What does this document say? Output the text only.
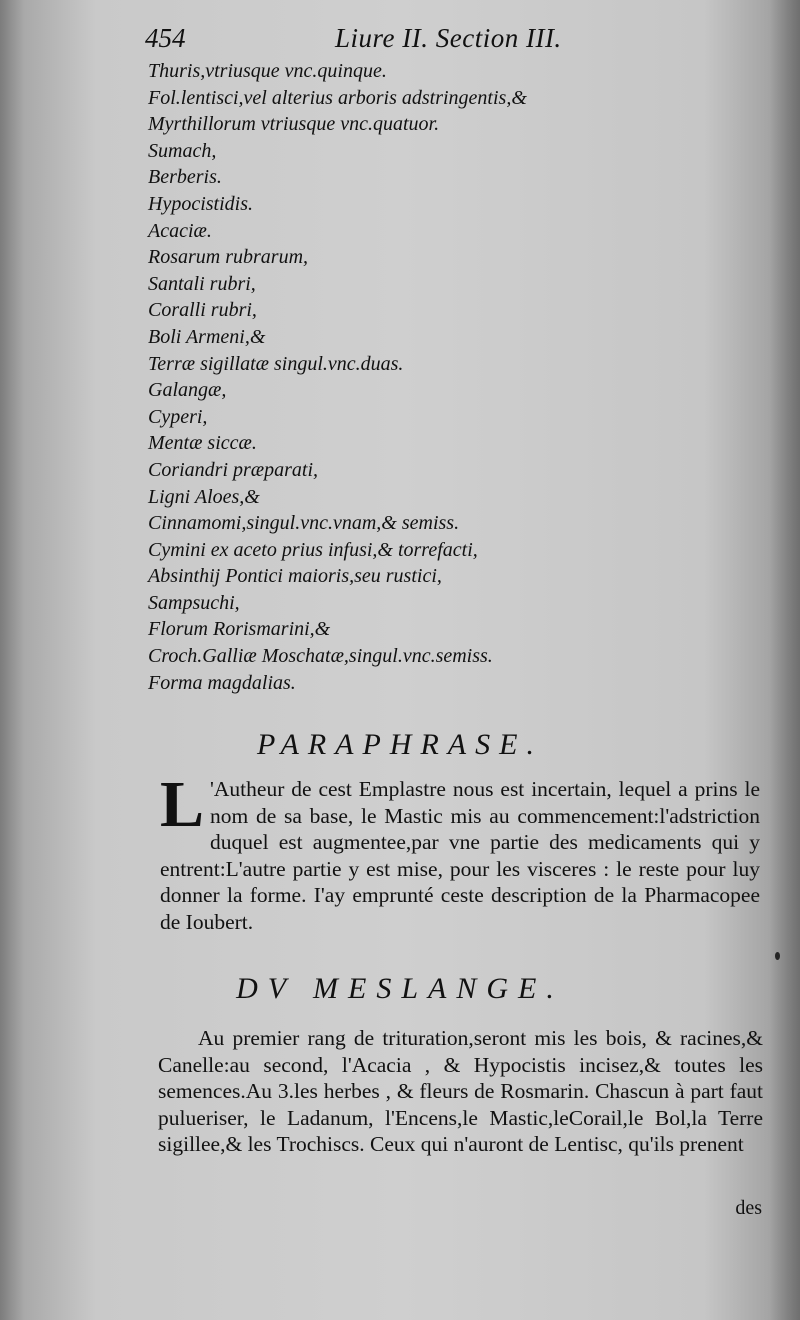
454	Liure II. Section III.
Thuris,vtriusque vnc.quinque.
Fol.lentisci,vel alterius arboris adstringentis,&
Myrthillorum vtriusque vnc.quatuor.
Sumach,
Berberis.
Hypocistidis.
Acaciæ.
Rosarum rubrarum,
Santali rubri,
Coralli rubri,
Boli Armeni,&
Terræ sigillatæ singul.vnc.duas.
Galangæ,
Cyperi,
Mentæ siccæ.
Coriandri præparati,
Ligni Aloes,&
Cinnamomi,singul.vnc.vnam,& semiss.
Cymini ex aceto prius infusi,& torrefacti,
Absinthij Pontici maioris,seu rustici,
Sampsuchi,
Florum Rorismarini,&
Croch.Galliæ Moschatæ,singul.vnc.semiss.
Forma magdalias.
PARAPHRASE.

L 'Autheur de cest Emplastre nous est incertain, lequel a prins le nom de sa base, le Mastic mis au commencement:l'adstriction duquel est augmentee,par vne partie des medicaments qui y entrent:L'autre partie y est mise, pour les visceres : le reste pour luy donner la forme. I'ay emprunté ceste description de la Pharmacopee de Ioubert.

DV MESLANGE.

Au premier rang de trituration,seront mis les bois, & racines,& Canelle:au second, l'Acacia , & Hypocistis incisez,& toutes les semences.Au 3.les herbes , & fleurs de Rosmarin. Chascun à part faut pulueriser, le Ladanum, l'Encens,le Mastic,leCorail,le Bol,la Terre sigillee,& les Trochiscs. Ceux qui n'auront de Lentisc, qu'ils prenent

des
